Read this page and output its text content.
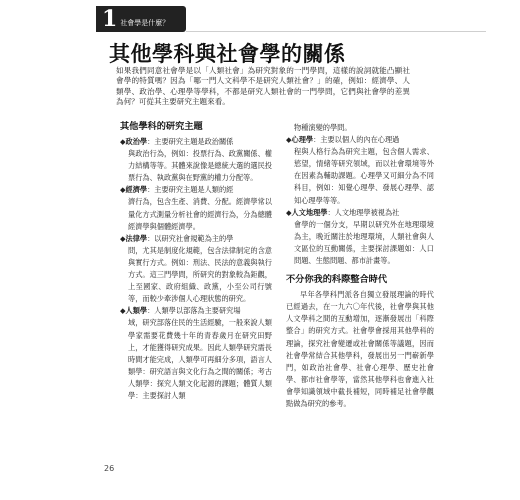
1 社會學是什麼？
其他學科與社會學的關係

如果我們同意社會學是以「人類社會」為研究對象的一門學問，這樣的說詞就能凸顯社會學的特質嗎？因為「哪一門人文科學不是研究人類社會？」的確，例如：經濟學、人類學、政治學、心理學等學科，不都是研究人類社會的一門學問，它們與社會學的差異為何？可從其主要研究主題來看。

其他學科的研究主題

◆政治學：主要研究主題是政治關係

與政治行為，例如：投票行為、政黨關係、權力結構等等。其體來說像是總統大選的選民投票行為、執政黨與在野黨的權力分配等。

◆經濟學：主要研究主題是人類的經

濟行為，包含生產、消費、分配。經濟學常以量化方式測量分析社會的經濟行為，分為總體經濟學與個體經濟學。

◆法律學：以研究社會規範為主的學

問，尤其是制度化規範，包含法律制定的含意與實行方式。例如：刑法、民法的意義與執行方式。這三門學問，所研究的對象較為鉅觀，上至國家、政府組織、政黨，小至公司行號等，而較少牽涉個人心理狀態的研究。

◆人類學：人類學以部落為主要研究場

域，研究部落住民的生活經驗，一般來說人類學家需要花費幾十年的青春歲月在研究田野上，才能獲得研究成果。因此人類學研究需長時間才能完成，人類學可再細分多項，語言人類學：研究語言與文化行為之間的關係；考古人類學：探究人類文化起源的課題；體質人類學：主要探討人類
物種演變的學問。

◆心理學：主要以個人的內在心理過

程與人格行為為研究主題，包含個人需求、慾望，情緒等研究領域，而以社會環境等外在因素為輔助課題。心理學又可細分為不同科目，例如：知覺心理學、發展心理學、認知心理學等等。

◆人文地理學：人文地理學被視為社

會學的一個分支，早期以研究外在地理環境為主，晚近關注於地理環境，人類社會與人文區位的互動關係，主要探討課題如：人口問題、生態問題、都市計畫等。
不分你我的科際整合時代

早年各學科門派各自獨立發展理論的時代已經過去，在一九六〇年代後，社會學與其他人文學科之間的互動增加，逐漸發展出「科際整合」的研究方式。社會學會採用其他學科的理論，探究社會變遷或社會關係等議題，因而社會學常結合其他學科，發展出另一門嶄新學門，如政治社會學、社會心理學、歷史社會學、都市社會學等，當然其他學科也會進入社會學知識領域中截長補短，同時補足社會學觀點做為研究的參考。

26
